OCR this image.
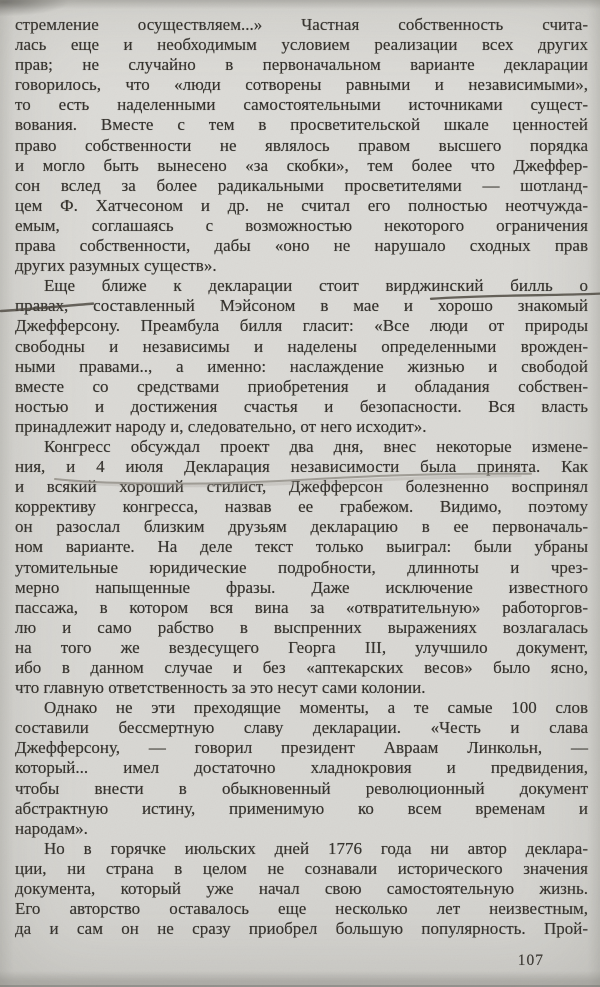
стремление осуществляем...» Частная собственность счита-
лась еще и необходимым условием реализации всех других
прав; не случайно в первоначальном варианте декларации
говорилось, что «люди сотворены равными и независимыми»,
то есть наделенными самостоятельными источниками сущест-
вования. Вместе с тем в просветительской шкале ценностей
право собственности не являлось правом высшего порядка
и могло быть вынесено «за скобки», тем более что Джеффер-
сон вслед за более радикальными просветителями — шотланд-
цем Ф. Хатчесоном и др. не считал его полностью неотчужда-
емым, соглашаясь с возможностью некоторого ограничения
права собственности, дабы «оно не нарушало сходных прав
других разумных существ».
Еще ближе к декларации стоит вирджинский билль о
правах, составленный Мэйсоном в мае и хорошо знакомый
Джефферсону. Преамбула билля гласит: «Все люди от природы
свободны и независимы и наделены определенными врожден-
ными правами.., а именно: наслаждение жизнью и свободой
вместе со средствами приобретения и обладания собствен-
ностью и достижения счастья и безопасности. Вся власть
принадлежит народу и, следовательно, от него исходит».
Конгресс обсуждал проект два дня, внес некоторые измене-
ния, и 4 июля Декларация независимости была принята. Как
и всякий хороший стилист, Джефферсон болезненно воспринял
коррективу конгресса, назвав ее грабежом. Видимо, поэтому
он разослал близким друзьям декларацию в ее первоначаль-
ном варианте. На деле текст только выиграл: были убраны
утомительные юридические подробности, длинноты и чрез-
мерно напыщенные фразы. Даже исключение известного
пассажа, в котором вся вина за «отвратительную» работоргов-
лю и само рабство в выспренних выражениях возлагалась
на того же вездесущего Георга III, улучшило документ,
ибо в данном случае и без «аптекарских весов» было ясно,
что главную ответственность за это несут сами колонии.
Однако не эти преходящие моменты, а те самые 100 слов
составили бессмертную славу декларации. «Честь и слава
Джефферсону, — говорил президент Авраам Линкольн, —
который... имел достаточно хладнокровия и предвидения,
чтобы внести в обыкновенный революционный документ
абстрактную истину, применимую ко всем временам и
народам».
Но в горячке июльских дней 1776 года ни автор деклара-
ции, ни страна в целом не сознавали исторического значения
документа, который уже начал свою самостоятельную жизнь.
Его авторство оставалось еще несколько лет неизвестным,
да и сам он не сразу приобрел большую популярность. Прой-
107
